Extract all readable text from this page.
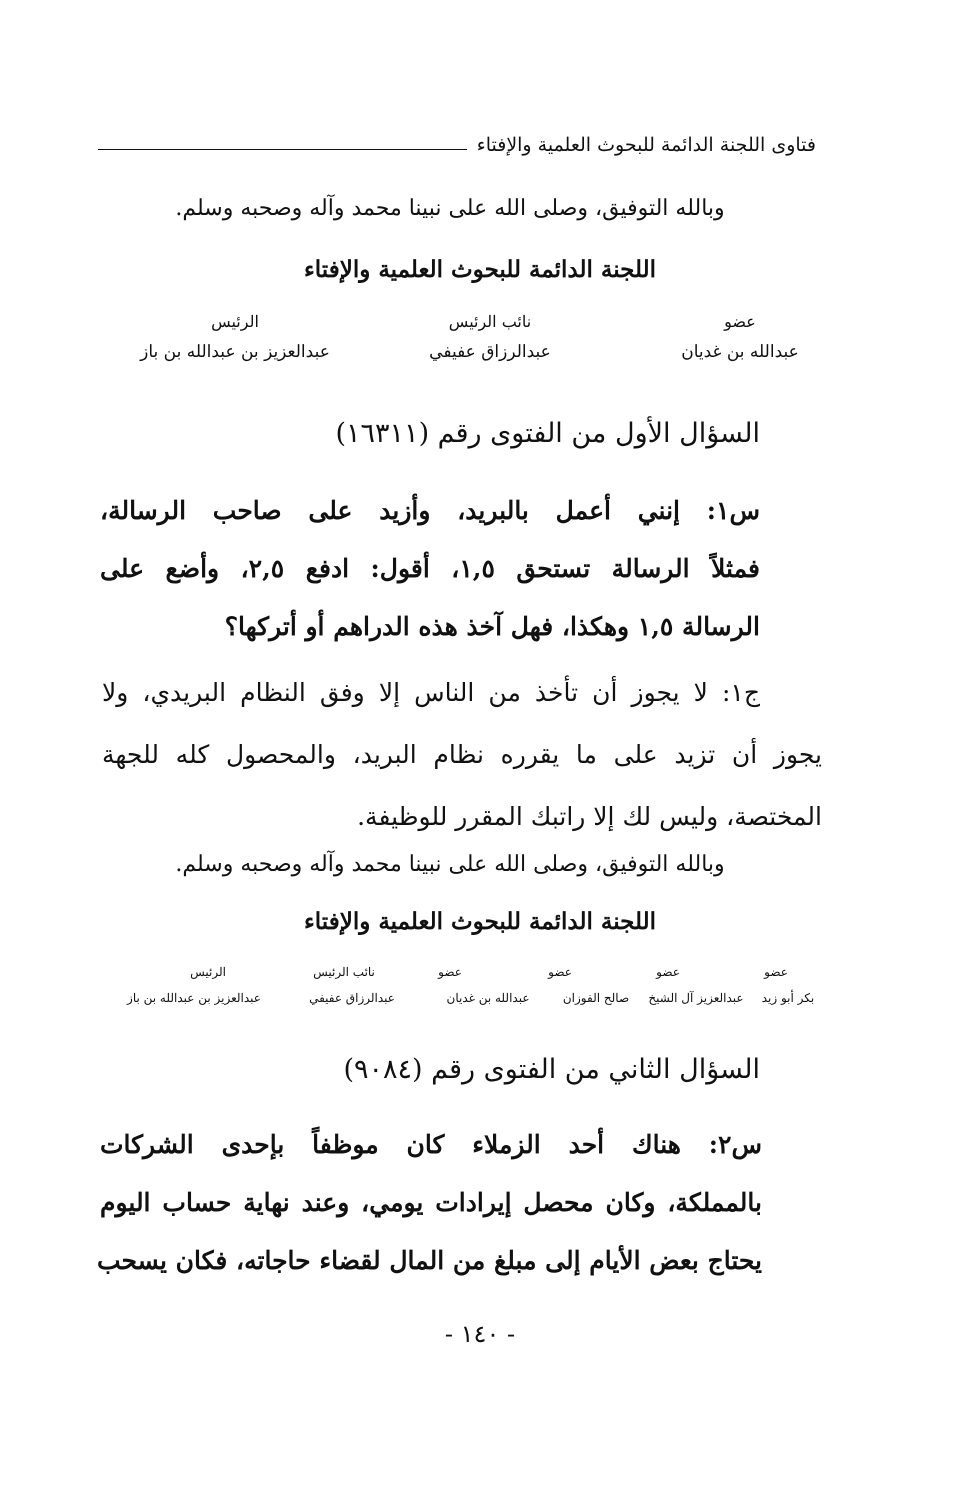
فتاوى اللجنة الدائمة للبحوث العلمية والإفتاء
وبالله التوفيق، وصلى الله على نبينا محمد وآله وصحبه وسلم.
اللجنة الدائمة للبحوث العلمية والإفتاء
عضو
عبدالله بن غديان
نائب الرئيس
عبدالرزاق عفيفي
الرئيس
عبدالعزيز بن عبدالله بن باز
السؤال الأول من الفتوى رقم (١٦٣١١)
س١: إنني أعمل بالبريد، وأزيد على صاحب الرسالة،
فمثلاً الرسالة تستحق ١,٥، أقول: ادفع ٢,٥، وأضع على
الرسالة ١,٥ وهكذا، فهل آخذ هذه الدراهم أو أتركها؟
ج١: لا يجوز أن تأخذ من الناس إلا وفق النظام البريدي، ولا
يجوز أن تزيد على ما يقرره نظام البريد، والمحصول كله للجهة
المختصة، وليس لك إلا راتبك المقرر للوظيفة.
وبالله التوفيق، وصلى الله على نبينا محمد وآله وصحبه وسلم.
اللجنة الدائمة للبحوث العلمية والإفتاء
عضو
عضو
عضو
عضو
نائب الرئيس
الرئيس
بكر أبو زيد
عبدالعزيز آل الشيخ
صالح الفوزان
عبدالله بن غديان
عبدالرزاق عفيفي
عبدالعزيز بن عبدالله بن باز
السؤال الثاني من الفتوى رقم (٩٠٨٤)
س٢: هناك أحد الزملاء كان موظفاً بإحدى الشركات
بالمملكة، وكان محصل إيرادات يومي، وعند نهاية حساب اليوم
يحتاج بعض الأيام إلى مبلغ من المال لقضاء حاجاته، فكان يسحب
- ١٤٠ -
